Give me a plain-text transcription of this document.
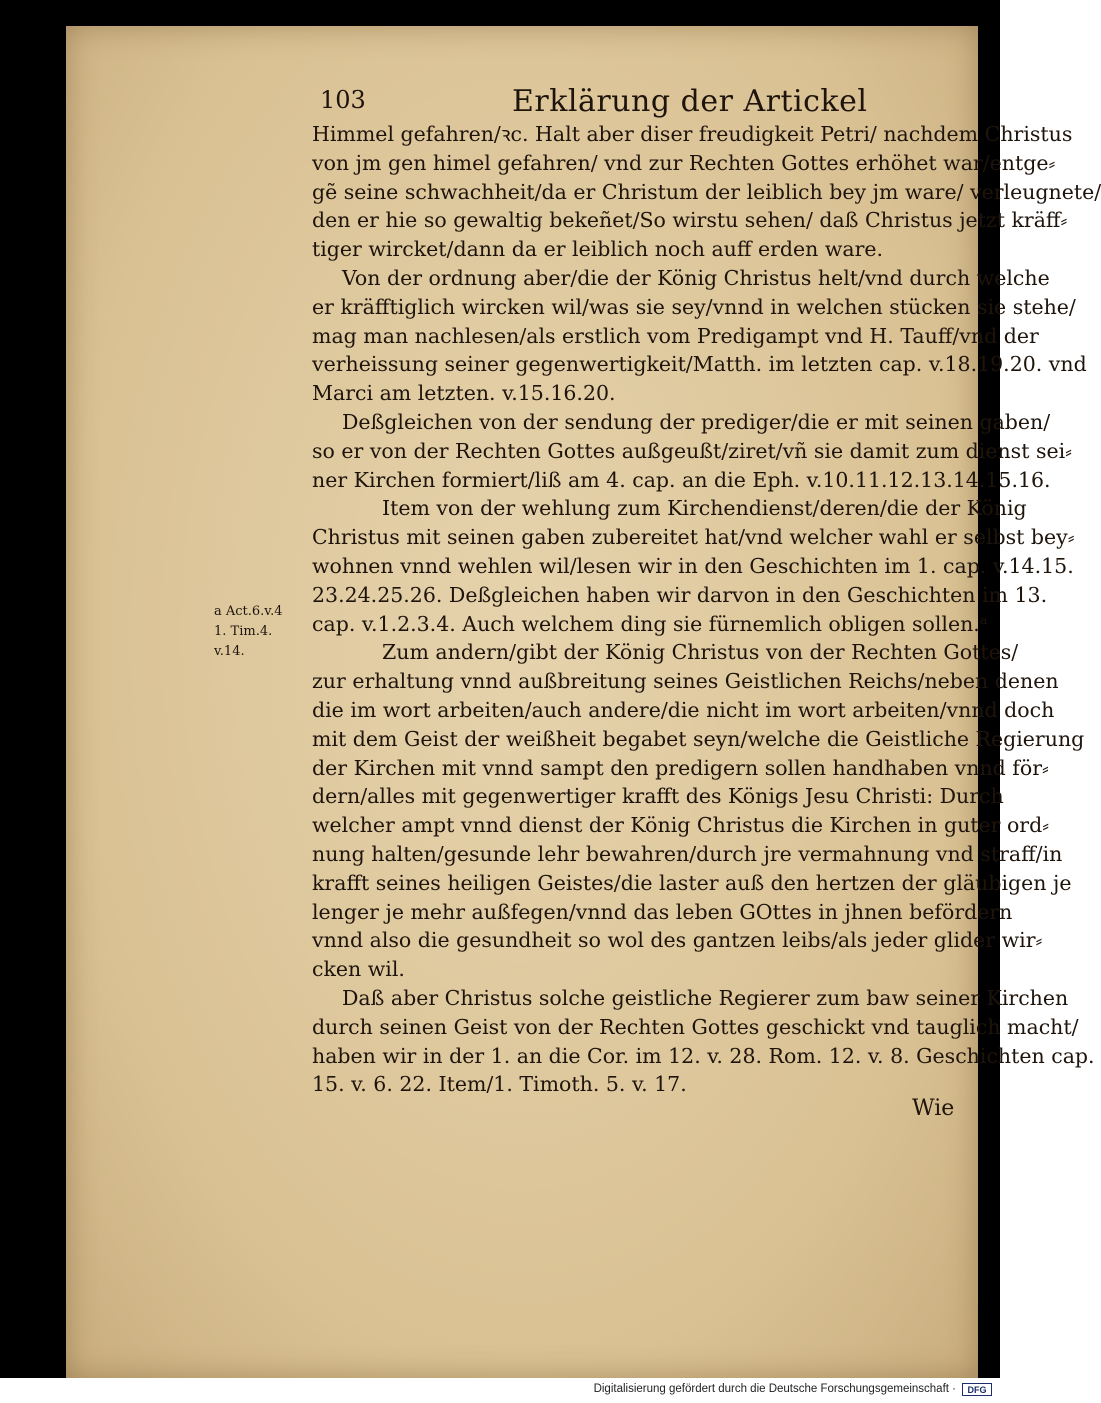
103	Erklärung der Artickel
Himmel gefahren/ꝛc. Halt aber diser freudigkeit Petri/ nachdem Christus
von jm gen himel gefahren/ vnd zur Rechten Gottes erhöhet war/entge⸗
gẽ seine schwachheit/da er Christum der leiblich bey jm ware/ verleugnete/
den er hie so gewaltig bekeñet/So wirstu sehen/ daß Christus jetzt kräff⸗
tiger wircket/dann da er leiblich noch auff erden ware.
Von der ordnung aber/die der König Christus helt/vnd durch welche
er kräfftiglich wircken wil/was sie sey/vnnd in welchen stücken sie stehe/
mag man nachlesen/als erstlich vom Predigampt vnd H. Tauff/vnd der
verheissung seiner gegenwertigkeit/Matth. im letzten cap. v.18.19.20. vnd
Marci am letzten. v.15.16.20.
Deßgleichen von der sendung der prediger/die er mit seinen gaben/
so er von der Rechten Gottes außgeußt/ziret/vñ sie damit zum dienst sei⸗
ner Kirchen formiert/liß am 4. cap. an die Eph. v.10.11.12.13.14.15.16.
Item von der wehlung zum Kirchendienst/deren/die der König
Christus mit seinen gaben zubereitet hat/vnd welcher wahl er selbst bey⸗
wohnen vnnd wehlen wil/lesen wir in den Geschichten im 1. cap. v.14.15.
23.24.25.26. Deßgleichen haben wir darvon in den Geschichten im 13.
cap. v.1.2.3.4. Auch welchem ding sie fürnemlich obligen sollen.ᵃ
Zum andern/gibt der König Christus von der Rechten Gottes/
zur erhaltung vnnd außbreitung seines Geistlichen Reichs/neben denen
die im wort arbeiten/auch andere/die nicht im wort arbeiten/vnnd doch
mit dem Geist der weißheit begabet seyn/welche die Geistliche Regierung
der Kirchen mit vnnd sampt den predigern sollen handhaben vnnd för⸗
dern/alles mit gegenwertiger krafft des Königs Jesu Christi: Durch
welcher ampt vnnd dienst der König Christus die Kirchen in guter ord⸗
nung halten/gesunde lehr bewahren/durch jre vermahnung vnd straff/in
krafft seines heiligen Geistes/die laster auß den hertzen der gläubigen je
lenger je mehr außfegen/vnnd das leben GOttes in jhnen befördern
vnnd also die gesundheit so wol des gantzen leibs/als jeder glider wir⸗
cken wil.
Daß aber Christus solche geistliche Regierer zum baw seiner Kirchen
durch seinen Geist von der Rechten Gottes geschickt vnd tauglich macht/
haben wir in der 1. an die Cor. im 12. v. 28. Rom. 12. v. 8. Geschichten cap.
15. v. 6. 22. Item/1. Timoth. 5. v. 17.
a Act.6.v.4
1. Tim.4.
v.14.
Wie
Digitalisierung gefördert durch die Deutsche Forschungsgemeinschaft ·	DFG
